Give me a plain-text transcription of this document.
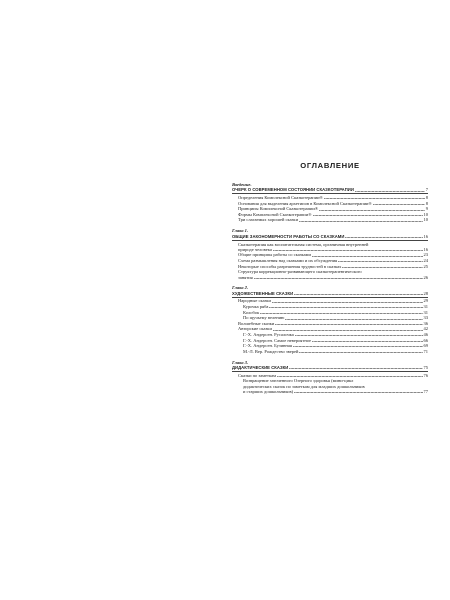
ОГЛАВЛЕНИЕ
Введение.
ОЧЕРК О СОВРЕМЕННОМ СОСТОЯНИИ СКАЗКОТЕРАПИИ	7
Определения Комплексной Сказкотерапии®	8
Основания для выделения архетипов в Комплексной Сказкотерапии®	8
Принципы Комплексной Сказкотерапии®	9
Формы Комплексной Сказкотерапии®	10
Три слагаемых хорошей сказки	10
Глава 1.
ОБЩИЕ ЗАКОНОМЕРНОСТИ РАБОТЫ СО СКАЗКАМИ	16
Сказкотерапия как воспитательная система, органичная внутренней
природе человека	16
Общие принципы работы со сказками	23
Схема размышления над сказками и их обсуждения	24
Некоторые способы разрешения трудностей в сказках	25
Структура коррекционно-развивающего сказкотерапевтического
занятия	26
Глава 2.
ХУДОЖЕСТВЕННЫЕ СКАЗКИ	28
Народные сказки	29
Курочка ряба	31
Колобок	31
По щучьему велению	33
Волшебные сказки	36
Авторские сказки	42
Г.-Х. Андерсен. Русалочка	46
Г.-Х. Андерсен. Самое невероятное	66
Г.-Х. Андерсен. Бузинная	69
М.-Л. Вер. Рождество зверей	71
Глава 3.
ДИДАКТИЧЕСКИЕ СКАЗКИ	75
Сказки по заметкам	76
Возвращение заточенного Озерного здоровья (мини-цикл
дидактических сказок по заметкам для младших дошкольников
и старших дошкольников)	77
